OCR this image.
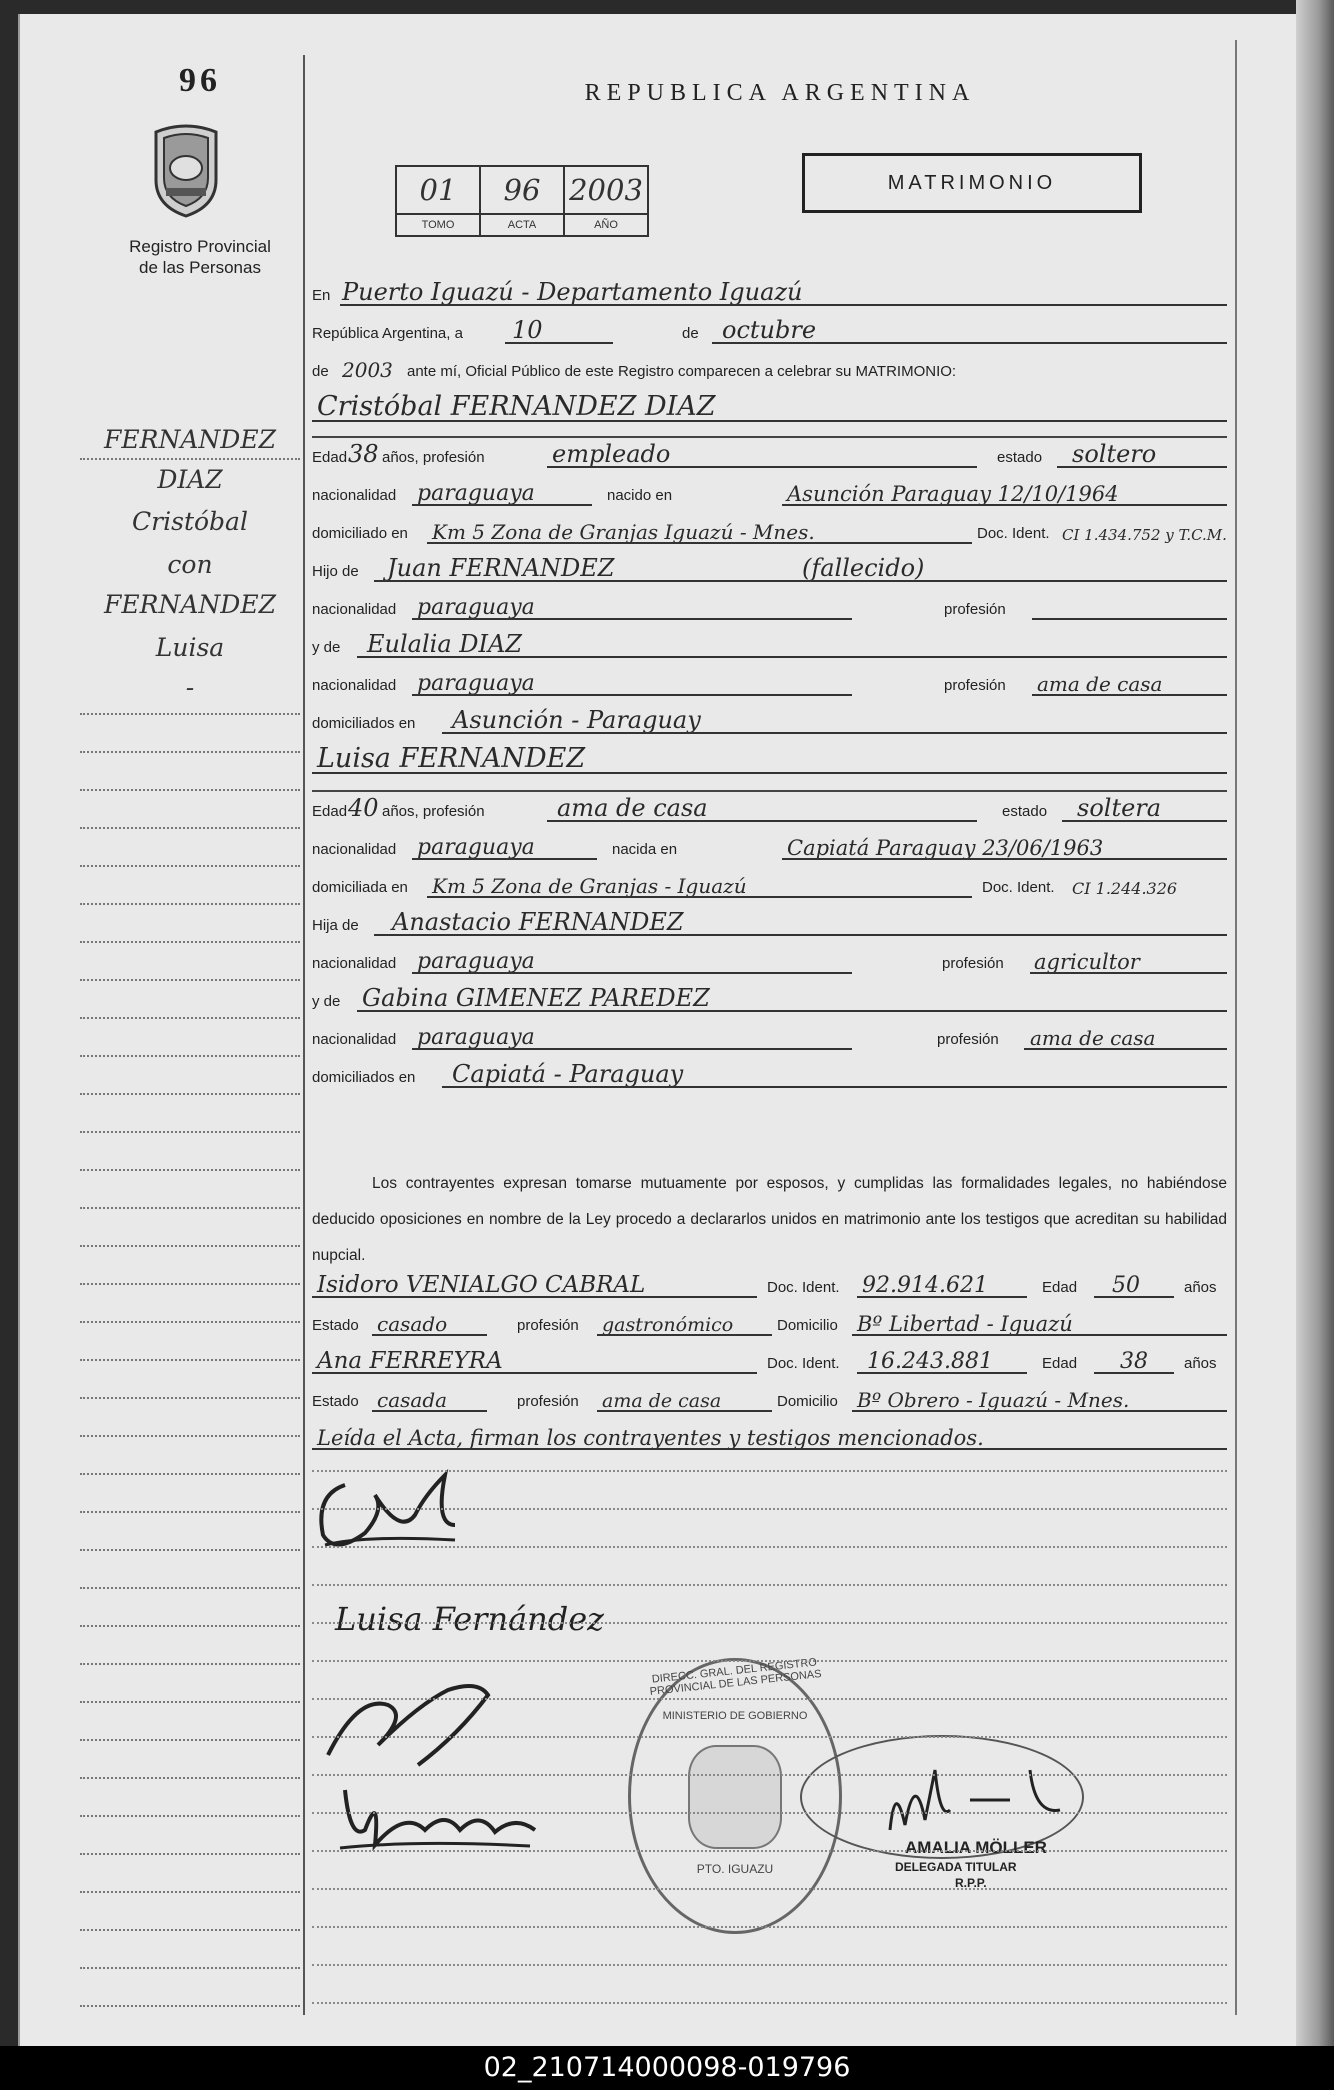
96
Registro Provincial
de las Personas
REPUBLICA ARGENTINA
MATRIMONIO
01	96	2003
TOMO	ACTA	AÑO
FERNANDEZ
DIAZ
Cristóbal
con
FERNANDEZ
Luisa
-
En Puerto Iguazú - Departamento Iguazú
República Argentina, a 10	de octubre
de 2003 ante mí, Oficial Público de este Registro comparecen a celebrar su MATRIMONIO:
Cristóbal FERNANDEZ DIAZ
Edad 38 años, profesión	empleado	estado soltero
nacionalidad paraguaya	nacido en	Asunción Paraguay 12/10/1964
domiciliado en Km 5 Zona de Granjas Iguazú - Mnes.	Doc. Ident. CI 1.434.752 y T.C.M.
Hijo de Juan FERNANDEZ	(fallecido)
nacionalidad paraguaya	profesión
y de Eulalia DIAZ
nacionalidad paraguaya	profesión ama de casa
domiciliados en Asunción - Paraguay
Luisa FERNANDEZ
Edad 40 años, profesión	ama de casa	estado soltera
nacionalidad paraguaya	nacida en	Capiatá Paraguay 23/06/1963
domiciliada en Km 5 Zona de Granjas - Iguazú	Doc. Ident. CI 1.244.326
Hija de Anastacio FERNANDEZ
nacionalidad paraguaya	profesión agricultor
y de Gabina GIMENEZ PAREDEZ
nacionalidad paraguaya	profesión ama de casa
domiciliados en Capiatá - Paraguay
Los contrayentes expresan tomarse mutuamente por esposos, y cumplidas las formalidades legales, no habiéndose deducido oposiciones en nombre de la Ley procedo a declararlos unidos en matrimonio ante los testigos que acreditan su habilidad nupcial.
Isidoro VENIALGO CABRAL	Doc. Ident. 92.914.621	Edad 50	años
Estado casado	profesión gastronómico	Domicilio Bº Libertad - Iguazú
Ana FERREYRA	Doc. Ident. 16.243.881	Edad 38 años
Estado casada	profesión ama de casa	Domicilio Bº Obrero - Iguazú - Mnes.
Leída el Acta, firman los contrayentes y testigos mencionados.
Luisa Fernández
DIRECC. GRAL. DEL REGISTRO PROVINCIAL DE LAS PERSONAS
MINISTERIO DE GOBIERNO
PTO. IGUAZU
AMALIA MÖLLER
DELEGADA TITULAR
R.P.P.
02_210714000098-019796
